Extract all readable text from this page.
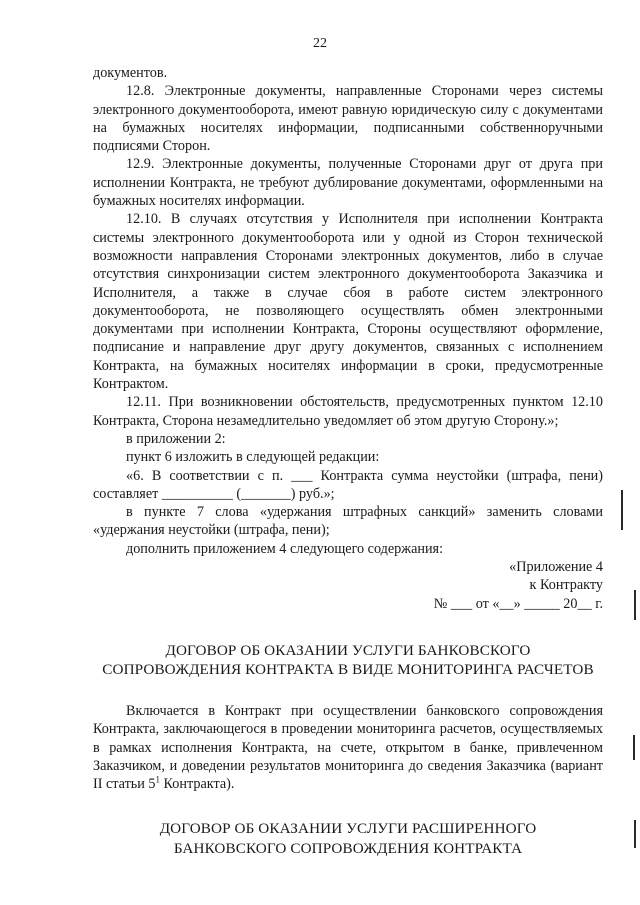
22

документов.

12.8. Электронные документы, направленные Сторонами через системы электронного документооборота, имеют равную юридическую силу с документами на бумажных носителях информации, подписанными собственноручными подписями Сторон.

12.9. Электронные документы, полученные Сторонами друг от друга при исполнении Контракта, не требуют дублирование документами, оформленными на бумажных носителях информации.

12.10. В случаях отсутствия у Исполнителя при исполнении Контракта системы электронного документооборота или у одной из Сторон технической возможности направления Сторонами электронных документов, либо в случае отсутствия синхронизации систем электронного документооборота Заказчика и Исполнителя, а также в случае сбоя в работе систем электронного документооборота, не позволяющего осуществлять обмен электронными документами при исполнении Контракта, Стороны осуществляют оформление, подписание и направление друг другу документов, связанных с исполнением Контракта, на бумажных носителях информации в сроки, предусмотренные Контрактом.

12.11. При возникновении обстоятельств, предусмотренных пунктом 12.10 Контракта, Сторона незамедлительно уведомляет об этом другую Сторону.»;

в приложении 2:

пункт 6 изложить в следующей редакции:

«6. В соответствии с п. ___ Контракта сумма неустойки (штрафа, пени) составляет __________ (_______) руб.»;

в пункте 7 слова «удержания штрафных санкций» заменить словами «удержания неустойки (штрафа, пени);

дополнить приложением 4 следующего содержания:

«Приложение 4

к Контракту

№ ___ от «__» _____ 20__ г.

ДОГОВОР ОБ ОКАЗАНИИ УСЛУГИ БАНКОВСКОГО

СОПРОВОЖДЕНИЯ КОНТРАКТА В ВИДЕ МОНИТОРИНГА РАСЧЕТОВ

Включается в Контракт при осуществлении банковского сопровождения Контракта, заключающегося в проведении мониторинга расчетов, осуществляемых в рамках исполнения Контракта, на счете, открытом в банке, привлеченном Заказчиком, и доведении результатов мониторинга до сведения Заказчика (вариант II статьи $5^1$ Контракта).

ДОГОВОР ОБ ОКАЗАНИИ УСЛУГИ РАСШИРЕННОГО

БАНКОВСКОГО СОПРОВОЖДЕНИЯ КОНТРАКТА
